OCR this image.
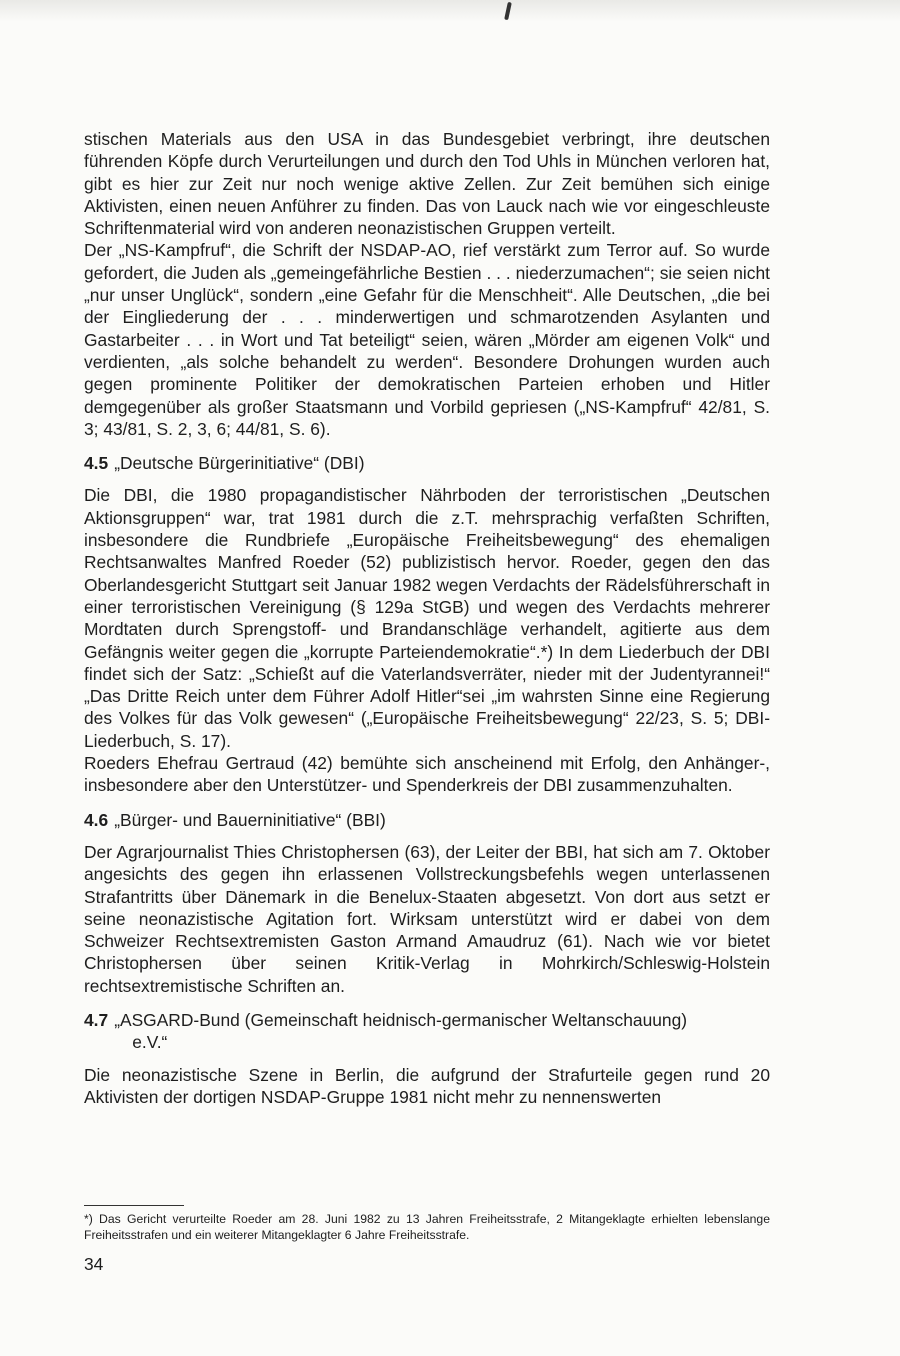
stischen Materials aus den USA in das Bundesgebiet verbringt, ihre deutschen führenden Köpfe durch Verurteilungen und durch den Tod Uhls in München verloren hat, gibt es hier zur Zeit nur noch wenige aktive Zellen. Zur Zeit bemühen sich einige Aktivisten, einen neuen Anführer zu finden. Das von Lauck nach wie vor eingeschleuste Schriftenmaterial wird von anderen neonazistischen Gruppen verteilt.

Der „NS-Kampfruf“, die Schrift der NSDAP-AO, rief verstärkt zum Terror auf. So wurde gefordert, die Juden als „gemeingefährliche Bestien . . . niederzumachen“; sie seien nicht „nur unser Unglück“, sondern „eine Gefahr für die Menschheit“. Alle Deutschen, „die bei der Eingliederung der . . . minderwertigen und schmarotzenden Asylanten und Gastarbeiter . . . in Wort und Tat beteiligt“ seien, wären „Mörder am eigenen Volk“ und verdienten, „als solche behandelt zu werden“. Besondere Drohungen wurden auch gegen prominente Politiker der demokratischen Parteien erhoben und Hitler demgegenüber als großer Staatsmann und Vorbild gepriesen („NS-Kampfruf“ 42/81, S. 3; 43/81, S. 2, 3, 6; 44/81, S. 6).

4.5 „Deutsche Bürgerinitiative“ (DBI)

Die DBI, die 1980 propagandistischer Nährboden der terroristischen „Deutschen Aktionsgruppen“ war, trat 1981 durch die z.T. mehrsprachig verfaßten Schriften, insbesondere die Rundbriefe „Europäische Freiheitsbewegung“ des ehemaligen Rechtsanwaltes Manfred Roeder (52) publizistisch hervor. Roeder, gegen den das Oberlandesgericht Stuttgart seit Januar 1982 wegen Verdachts der Rädelsführerschaft in einer terroristischen Vereinigung (§ 129a StGB) und wegen des Verdachts mehrerer Mordtaten durch Sprengstoff- und Brandanschläge verhandelt, agitierte aus dem Gefängnis weiter gegen die „korrupte Parteiendemokratie“.*) In dem Liederbuch der DBI findet sich der Satz: „Schießt auf die Vaterlandsverräter, nieder mit der Judentyrannei!“ „Das Dritte Reich unter dem Führer Adolf Hitler“sei „im wahrsten Sinne eine Regierung des Volkes für das Volk gewesen“ („Europäische Freiheitsbewegung“ 22/23, S. 5; DBI-Liederbuch, S. 17).

Roeders Ehefrau Gertraud (42) bemühte sich anscheinend mit Erfolg, den Anhänger-, insbesondere aber den Unterstützer- und Spenderkreis der DBI zusammenzuhalten.

4.6 „Bürger- und Bauerninitiative“ (BBI)

Der Agrarjournalist Thies Christophersen (63), der Leiter der BBI, hat sich am 7. Oktober angesichts des gegen ihn erlassenen Vollstreckungsbefehls wegen unterlassenen Strafantritts über Dänemark in die Benelux-Staaten abgesetzt. Von dort aus setzt er seine neonazistische Agitation fort. Wirksam unterstützt wird er dabei von dem Schweizer Rechtsextremisten Gaston Armand Amaudruz (61). Nach wie vor bietet Christophersen über seinen Kritik-Verlag in Mohrkirch/Schleswig-Holstein rechtsextremistische Schriften an.

4.7 „ASGARD-Bund (Gemeinschaft heidnisch-germanischer Weltanschauung)
e.V.“

Die neonazistische Szene in Berlin, die aufgrund der Strafurteile gegen rund 20 Aktivisten der dortigen NSDAP-Gruppe 1981 nicht mehr zu nennenswerten

*) Das Gericht verurteilte Roeder am 28. Juni 1982 zu 13 Jahren Freiheitsstrafe, 2 Mitangeklagte erhielten lebenslange Freiheitsstrafen und ein weiterer Mitangeklagter 6 Jahre Freiheitsstrafe.
34
